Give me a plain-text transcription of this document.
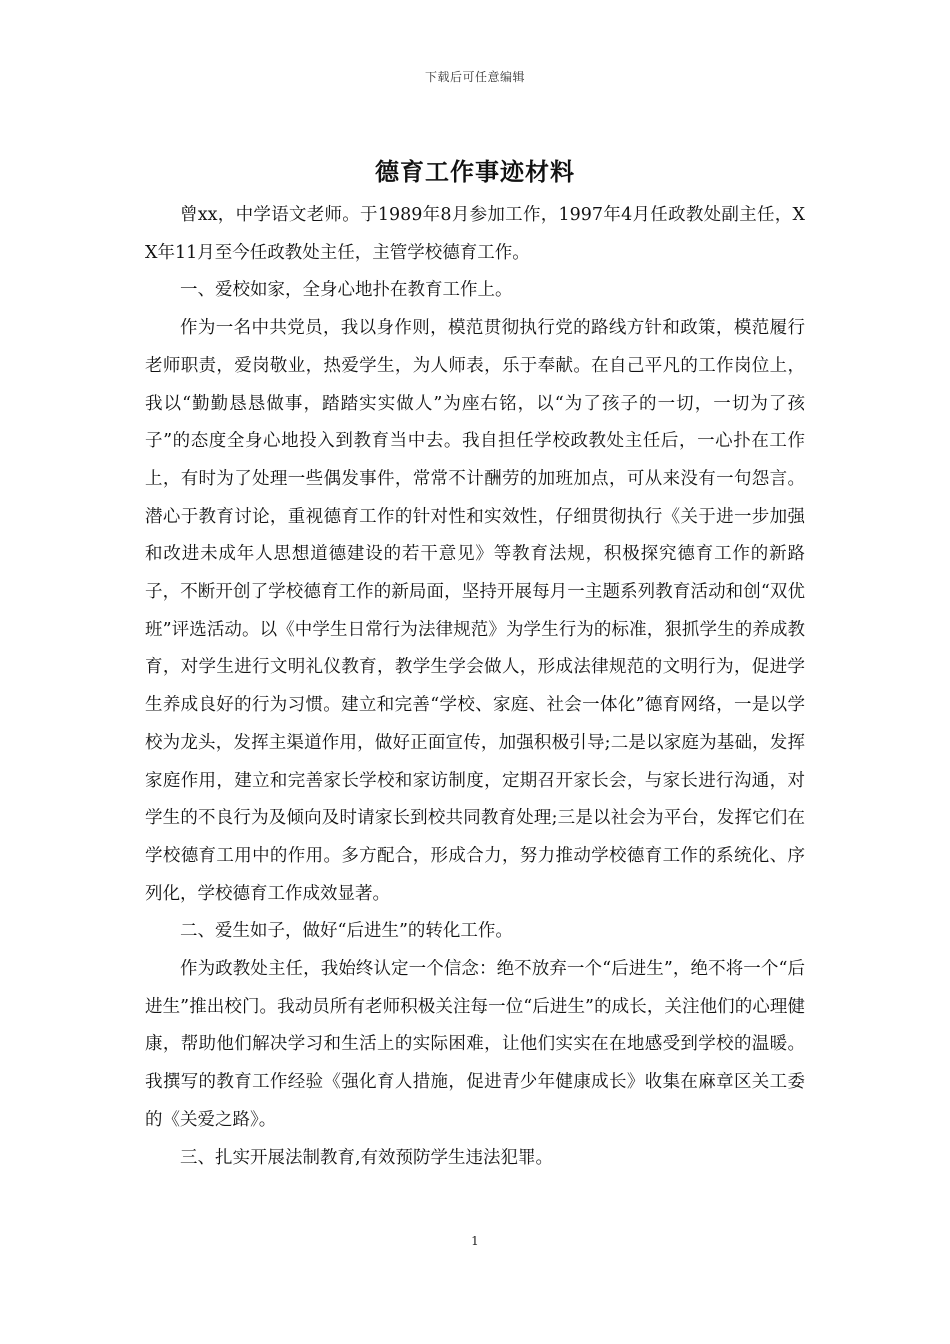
下载后可任意编辑
德育工作事迹材料

曾xx，中学语文老师。于1989年8月参加工作，1997年4月任政教处副主任，XX年11月至今任政教处主任，主管学校德育工作。

一、爱校如家，全身心地扑在教育工作上。

作为一名中共党员，我以身作则，模范贯彻执行党的路线方针和政策，模范履行老师职责，爱岗敬业，热爱学生，为人师表，乐于奉献。在自己平凡的工作岗位上，我以“勤勤恳恳做事，踏踏实实做人”为座右铭，以“为了孩子的一切，一切为了孩子”的态度全身心地投入到教育当中去。我自担任学校政教处主任后，一心扑在工作上，有时为了处理一些偶发事件，常常不计酬劳的加班加点，可从来没有一句怨言。潜心于教育讨论，重视德育工作的针对性和实效性，仔细贯彻执行《关于进一步加强和改进未成年人思想道德建设的若干意见》等教育法规，积极探究德育工作的新路子，不断开创了学校德育工作的新局面，坚持开展每月一主题系列教育活动和创“双优班”评选活动。以《中学生日常行为法律规范》为学生行为的标准，狠抓学生的养成教育，对学生进行文明礼仪教育，教学生学会做人，形成法律规范的文明行为，促进学生养成良好的行为习惯。建立和完善“学校、家庭、社会一体化”德育网络，一是以学校为龙头，发挥主渠道作用，做好正面宣传，加强积极引导;二是以家庭为基础，发挥家庭作用，建立和完善家长学校和家访制度，定期召开家长会，与家长进行沟通，对学生的不良行为及倾向及时请家长到校共同教育处理;三是以社会为平台，发挥它们在学校德育工用中的作用。多方配合，形成合力，努力推动学校德育工作的系统化、序列化，学校德育工作成效显著。

二、爱生如子，做好“后进生”的转化工作。

作为政教处主任，我始终认定一个信念：绝不放弃一个“后进生”，绝不将一个“后进生”推出校门。我动员所有老师积极关注每一位“后进生”的成长，关注他们的心理健康，帮助他们解决学习和生活上的实际困难，让他们实实在在地感受到学校的温暖。我撰写的教育工作经验《强化育人措施，促进青少年健康成长》收集在麻章区关工委的《关爱之路》。

三、扎实开展法制教育,有效预防学生违法犯罪。

1
